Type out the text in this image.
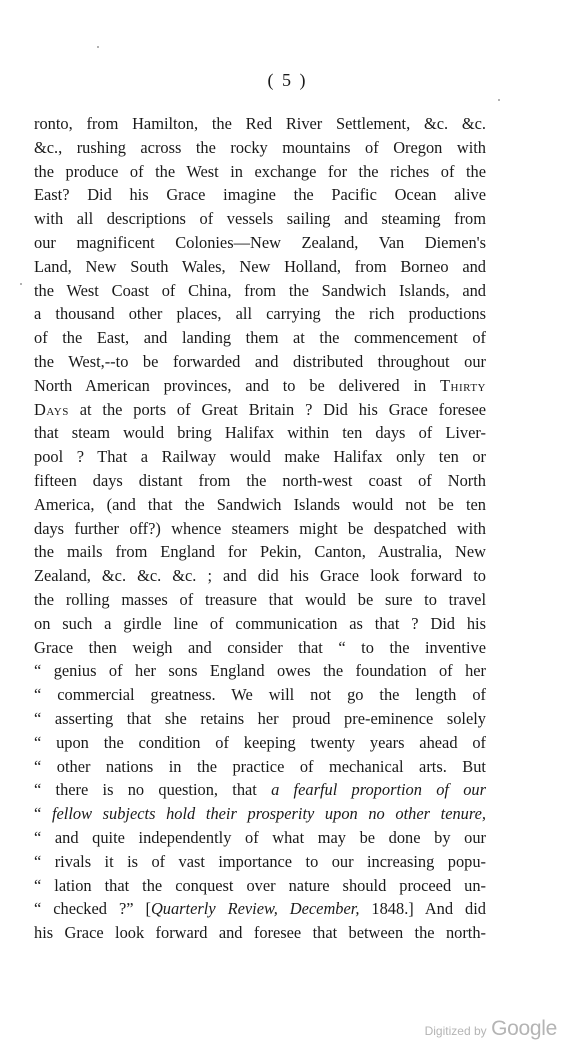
( 5 )
ronto, from Hamilton, the Red River Settlement, &c. &c.
&c., rushing across the rocky mountains of Oregon with
the produce of the West in exchange for the riches of the
East? Did his Grace imagine the Pacific Ocean alive
with all descriptions of vessels sailing and steaming from
our magnificent Colonies—New Zealand, Van Diemen's
Land, New South Wales, New Holland, from Borneo and
the West Coast of China, from the Sandwich Islands, and
a thousand other places, all carrying the rich productions
of the East, and landing them at the commencement of
the West,--to be forwarded and distributed throughout our
North American provinces, and to be delivered in Thirty
Days at the ports of Great Britain ? Did his Grace foresee
that steam would bring Halifax within ten days of Liver-
pool ? That a Railway would make Halifax only ten or
fifteen days distant from the north-west coast of North
America, (and that the Sandwich Islands would not be ten
days further off?) whence steamers might be despatched with
the mails from England for Pekin, Canton, Australia, New
Zealand, &c. &c. &c. ; and did his Grace look forward to
the rolling masses of treasure that would be sure to travel
on such a girdle line of communication as that ? Did his
Grace then weigh and consider that “ to the inventive
“ genius of her sons England owes the foundation of her
“ commercial greatness. We will not go the length of
“ asserting that she retains her proud pre-eminence solely
“ upon the condition of keeping twenty years ahead of
“ other nations in the practice of mechanical arts. But
“ there is no question, that a fearful proportion of our
“ fellow subjects hold their prosperity upon no other tenure,
“ and quite independently of what may be done by our
“ rivals it is of vast importance to our increasing popu-
“ lation that the conquest over nature should proceed un-
“ checked ?” [Quarterly Review, December, 1848.] And did
his Grace look forward and foresee that between the north-
Digitized by Google
